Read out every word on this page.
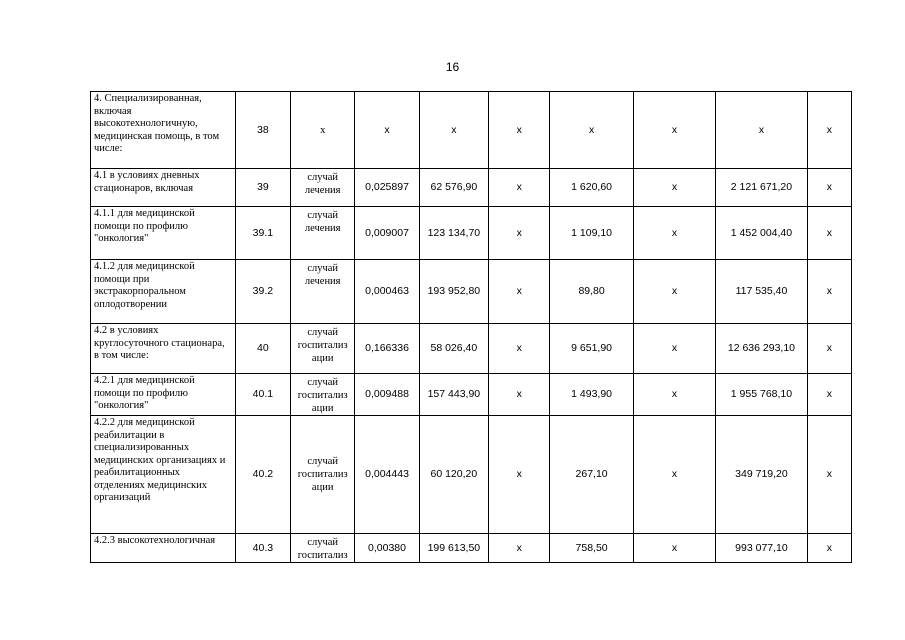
16
4. Специализированная, включая высокотехнологичную, медицинская помощь, в том числе:	38	х	х	х	х	х	х	х	х
4.1 в условиях дневных стационаров, включая	39	случай лечения	0,025897	62 576,90	х	1 620,60	х	2 121 671,20	х
4.1.1 для медицинской помощи по профилю "онкология"	39.1	случай лечения	0,009007	123 134,70	х	1 109,10	х	1 452 004,40	х
4.1.2 для медицинской помощи при экстракорпоральном оплодотворении	39.2	случай лечения	0,000463	193 952,80	х	89,80	х	117 535,40	х
4.2 в условиях круглосуточного стационара, в том числе:	40	случай госпитализ ации	0,166336	58 026,40	х	9 651,90	х	12 636 293,10	х
4.2.1 для медицинской помощи по профилю "онкология"	40.1	случай госпитализ ации	0,009488	157 443,90	х	1 493,90	х	1 955 768,10	х
4.2.2 для медицинской реабилитации в специализированных медицинских организациях и реабилитационных отделениях медицинских организаций	40.2	случай госпитализ ации	0,004443	60 120,20	х	267,10	х	349 719,20	х
4.2.3 высокотехнологичная	40.3	случай госпитализ	0,00380	199 613,50	х	758,50	х	993 077,10	х
